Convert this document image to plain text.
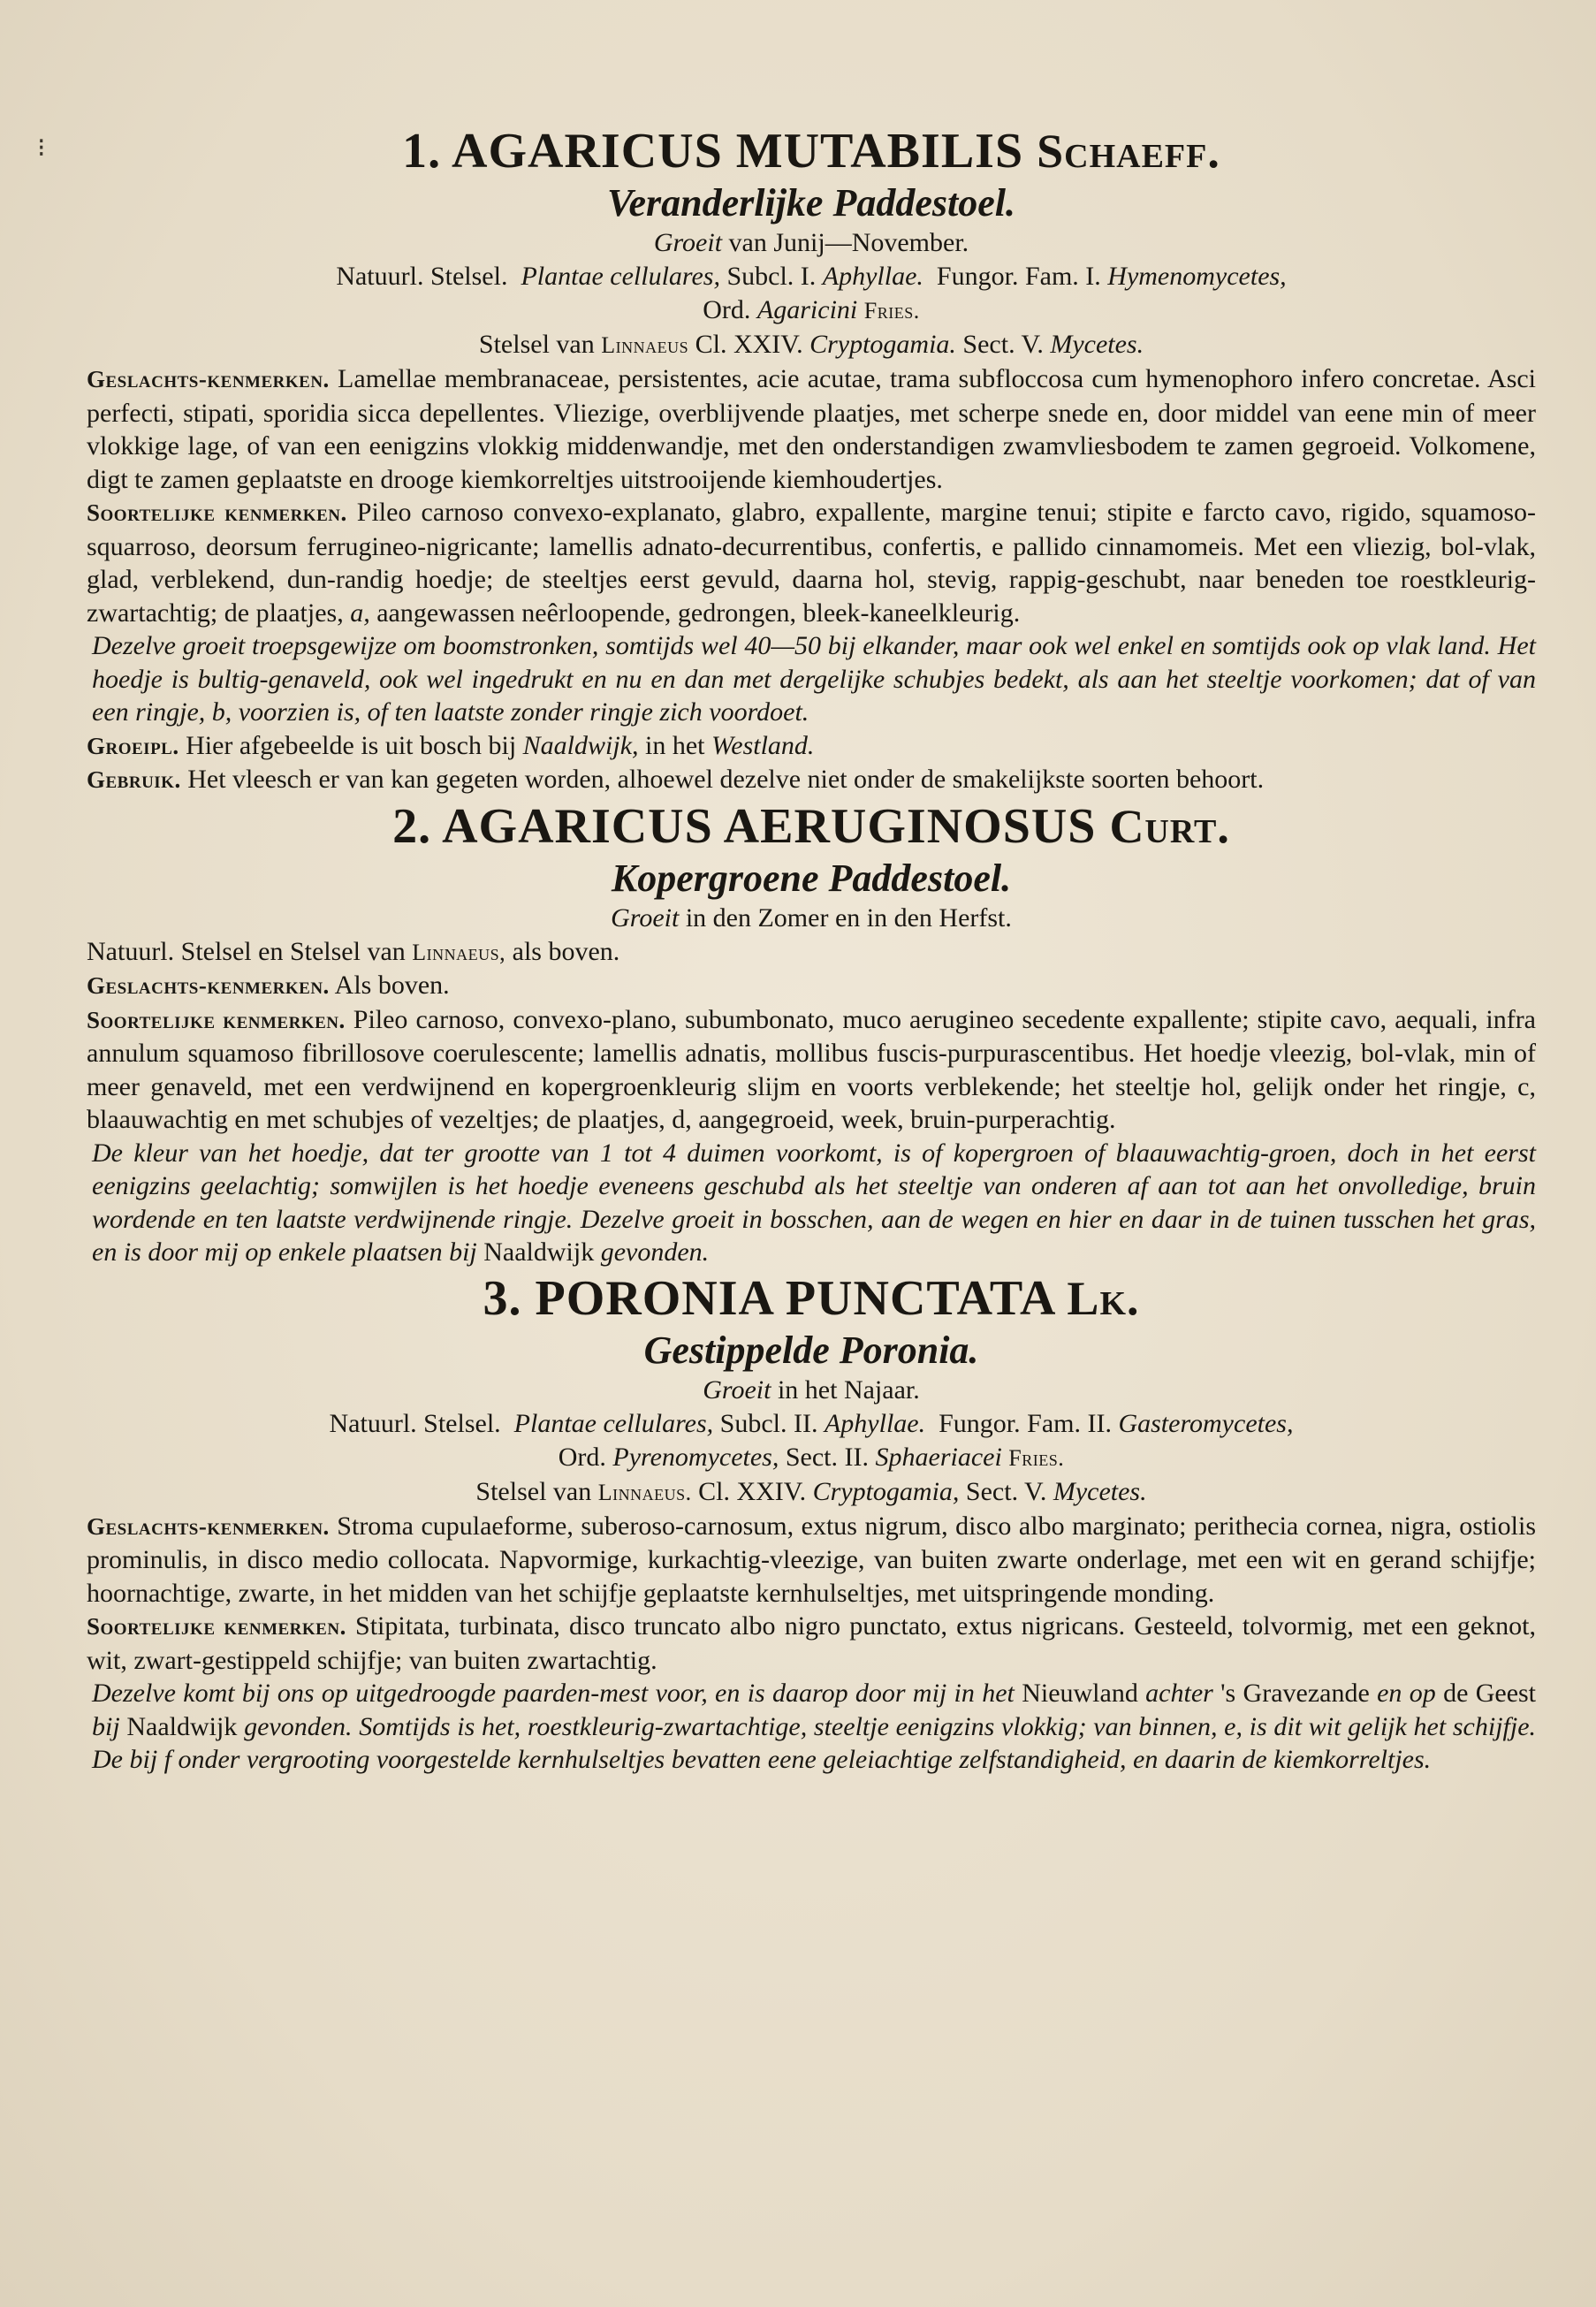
⁝	1. AGARICUS MUTABILIS Schaeff.
Veranderlijke Paddestoel.

Groeit van Junij—November.

Natuurl. Stelsel. Plantae cellulares, Subcl. I. Aphyllae. Fungor. Fam. I. Hymenomycetes,
Ord. Agaricini Fries.

Stelsel van Linnaeus Cl. XXIV. Cryptogamia. Sect. V. Mycetes.

Geslachts-kenmerken. Lamellae membranaceae, persistentes, acie acutae, trama subfloccosa cum hymenophoro infero concretae. Asci perfecti, stipati, sporidia sicca depellentes. Vliezige, overblijvende plaatjes, met scherpe snede en, door middel van eene min of meer vlokkige lage, of van een eenigzins vlokkig middenwandje, met den onderstandigen zwamvliesbodem te zamen gegroeid. Volkomene, digt te zamen geplaatste en drooge kiemkorreltjes uitstrooijende kiemhoudertjes.

Soortelijke kenmerken. Pileo carnoso convexo-explanato, glabro, expallente, margine tenui; stipite e farcto cavo, rigido, squamoso-squarroso, deorsum ferrugineo-nigricante; lamellis adnato-decurrentibus, confertis, e pallido cinnamomeis. Met een vliezig, bol-vlak, glad, verblekend, dun-randig hoedje; de steeltjes eerst gevuld, daarna hol, stevig, rappig-geschubt, naar beneden toe roestkleurig-zwartachtig; de plaatjes, a, aangewassen neêrloopende, gedrongen, bleek-kaneelkleurig.

Dezelve groeit troepsgewijze om boomstronken, somtijds wel 40—50 bij elkander, maar ook wel enkel en somtijds ook op vlak land. Het hoedje is bultig-genaveld, ook wel ingedrukt en nu en dan met dergelijke schubjes bedekt, als aan het steeltje voorkomen; dat of van een ringje, b, voorzien is, of ten laatste zonder ringje zich voordoet.

Groeipl. Hier afgebeelde is uit bosch bij Naaldwijk, in het Westland.

Gebruik. Het vleesch er van kan gegeten worden, alhoewel dezelve niet onder de smakelijkste soorten behoort.

2. AGARICUS AERUGINOSUS Curt.
Kopergroene Paddestoel.

Groeit in den Zomer en in den Herfst.

Natuurl. Stelsel en Stelsel van Linnaeus, als boven.

Geslachts-kenmerken. Als boven.

Soortelijke kenmerken. Pileo carnoso, convexo-plano, subumbonato, muco aerugineo secedente expallente; stipite cavo, aequali, infra annulum squamoso fibrillosove coerulescente; lamellis adnatis, mollibus fuscis-purpurascentibus. Het hoedje vleezig, bol-vlak, min of meer genaveld, met een verdwijnend en kopergroenkleurig slijm en voorts verblekende; het steeltje hol, gelijk onder het ringje, c, blaauwachtig en met schubjes of vezeltjes; de plaatjes, d, aangegroeid, week, bruin-purperachtig.

De kleur van het hoedje, dat ter grootte van 1 tot 4 duimen voorkomt, is of kopergroen of blaauwachtig-groen, doch in het eerst eenigzins geelachtig; somwijlen is het hoedje eveneens geschubd als het steeltje van onderen af aan tot aan het onvolledige, bruin wordende en ten laatste verdwijnende ringje. Dezelve groeit in bosschen, aan de wegen en hier en daar in de tuinen tusschen het gras, en is door mij op enkele plaatsen bij Naaldwijk gevonden.

3. PORONIA PUNCTATA Lk.
Gestippelde Poronia.

Groeit in het Najaar.

Natuurl. Stelsel. Plantae cellulares, Subcl. II. Aphyllae. Fungor. Fam. II. Gasteromycetes,
Ord. Pyrenomycetes, Sect. II. Sphaeriacei Fries.

Stelsel van Linnaeus. Cl. XXIV. Cryptogamia, Sect. V. Mycetes.

Geslachts-kenmerken. Stroma cupulaeforme, suberoso-carnosum, extus nigrum, disco albo marginato; perithecia cornea, nigra, ostiolis prominulis, in disco medio collocata. Napvormige, kurkachtig-vleezige, van buiten zwarte onderlage, met een wit en gerand schijfje; hoornachtige, zwarte, in het midden van het schijfje geplaatste kernhulseltjes, met uitspringende monding.

Soortelijke kenmerken. Stipitata, turbinata, disco truncato albo nigro punctato, extus nigricans. Gesteeld, tolvormig, met een geknot, wit, zwart-gestippeld schijfje; van buiten zwartachtig.

Dezelve komt bij ons op uitgedroogde paarden-mest voor, en is daarop door mij in het Nieuwland achter 's Gravezande en op de Geest bij Naaldwijk gevonden. Somtijds is het, roestkleurig-zwartachtige, steeltje eenigzins vlokkig; van binnen, e, is dit wit gelijk het schijfje. De bij f onder vergrooting voorgestelde kernhulseltjes bevatten eene geleiachtige zelfstandigheid, en daarin de kiemkorreltjes.
